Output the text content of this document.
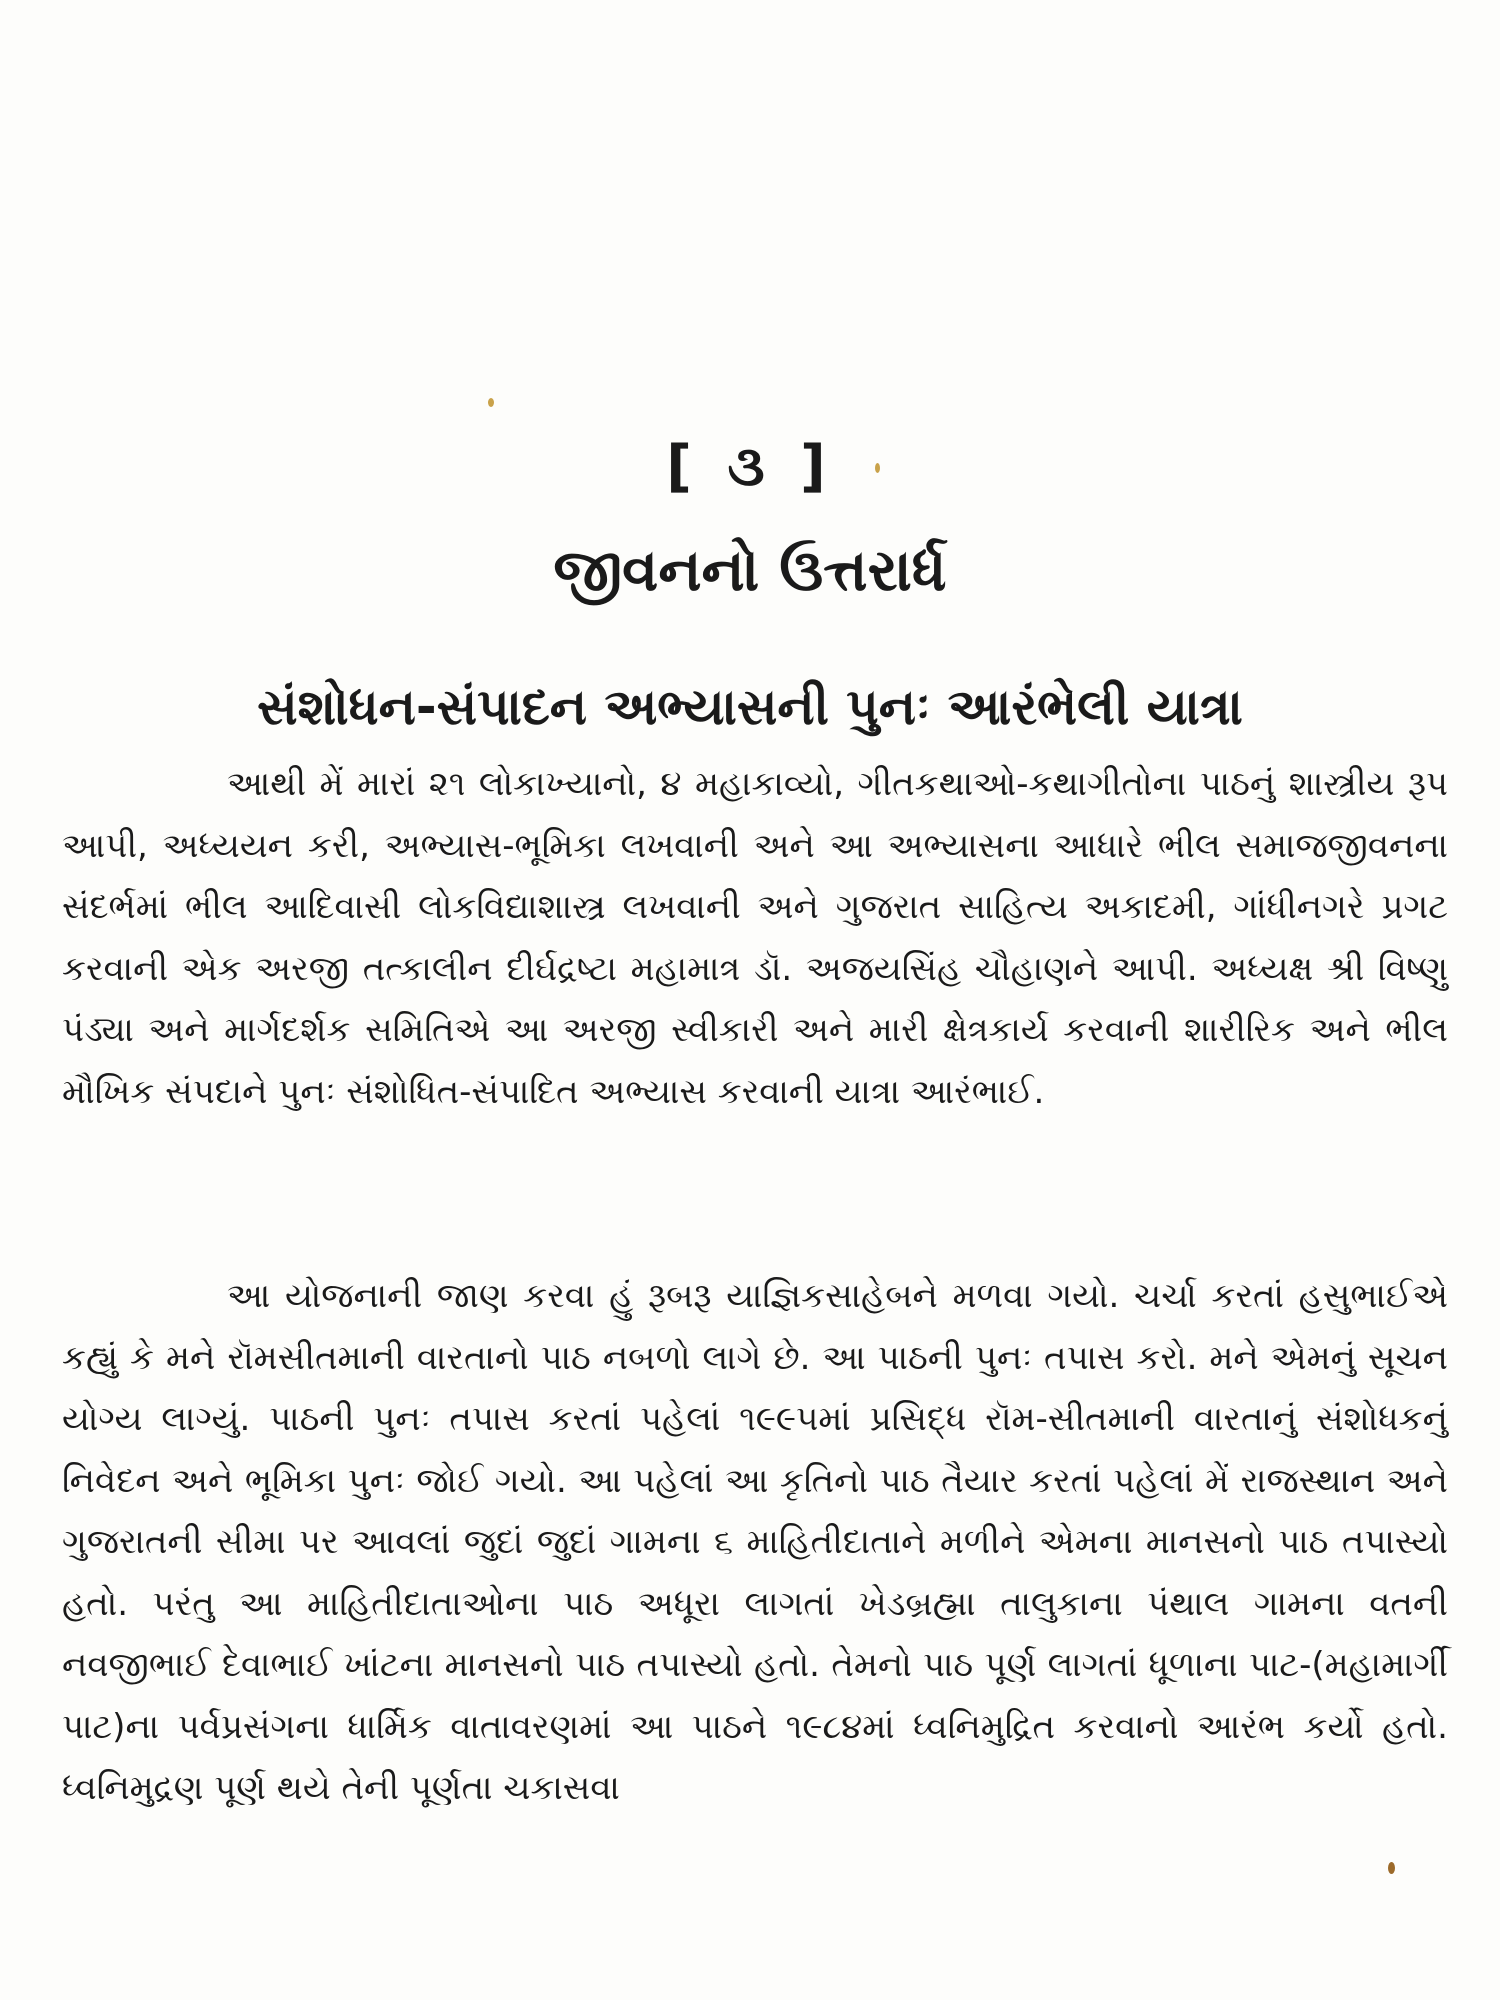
[ ૩ ]
જીવનનો ઉત્તરાર્ધ
સંશોધન-સંપાદન અભ્યાસની પુનઃ આરંભેલી યાત્રા

આથી મેં મારાં ૨૧ લોકાખ્યાનો, ૪ મહાકાવ્યો, ગીતકથાઓ-કથાગીતોના પાઠનું શાસ્ત્રીય રૂપ આપી, અધ્યયન કરી, અભ્યાસ-ભૂમિકા લખવાની અને આ અભ્યાસના આધારે ભીલ સમાજજીવનના સંદર્ભમાં ભીલ આદિવાસી લોકવિદ્યાશાસ્ત્ર લખવાની અને ગુજરાત સાહિત્ય અકાદમી, ગાંધીનગરે પ્રગટ કરવાની એક અરજી તત્કાલીન દીર્ઘદ્રષ્ટા મહામાત્ર ડૉ. અજયસિંહ ચૌહાણને આપી. અધ્યક્ષ શ્રી વિષ્ણુ પંડ્યા અને માર્ગદર્શક સમિતિએ આ અરજી સ્વીકારી અને મારી ક્ષેત્રકાર્ય કરવાની શારીરિક અને ભીલ મૌખિક સંપદાને પુનઃ સંશોધિત-સંપાદિત અભ્યાસ કરવાની યાત્રા આરંભાઈ.

આ યોજનાની જાણ કરવા હું રૂબરૂ યાજ્ઞિકસાહેબને મળવા ગયો. ચર્ચા કરતાં હસુભાઈએ કહ્યું કે મને રૉમસીતમાની વારતાનો પાઠ નબળો લાગે છે. આ પાઠની પુનઃ તપાસ કરો. મને એમનું સૂચન યોગ્ય લાગ્યું. પાઠની પુનઃ તપાસ કરતાં પહેલાં ૧૯૯૫માં પ્રસિદ્ધ રૉમ-સીતમાની વારતાનું સંશોધકનું નિવેદન અને ભૂમિકા પુનઃ જોઈ ગયો. આ પહેલાં આ કૃતિનો પાઠ તૈયાર કરતાં પહેલાં મેં રાજસ્થાન અને ગુજરાતની સીમા પર આવલાં જુદાં જુદાં ગામના ૬ માહિતીદાતાને મળીને એમના માનસનો પાઠ તપાસ્યો હતો. પરંતુ આ માહિતીદાતાઓના પાઠ અધૂરા લાગતાં ખેડબ્રહ્મા તાલુકાના પંથાલ ગામના વતની નવજીભાઈ દેવાભાઈ ખાંટના માનસનો પાઠ તપાસ્યો હતો. તેમનો પાઠ પૂર્ણ લાગતાં ધૂળાના પાટ-(મહામાર્ગી પાટ)ના પર્વપ્રસંગના ધાર્મિક વાતાવરણમાં આ પાઠને ૧૯૮૪માં ધ્વનિમુદ્રિત કરવાનો આરંભ કર્યો હતો. ધ્વનિમુદ્રણ પૂર્ણ થયે તેની પૂર્ણતા ચકાસવા
